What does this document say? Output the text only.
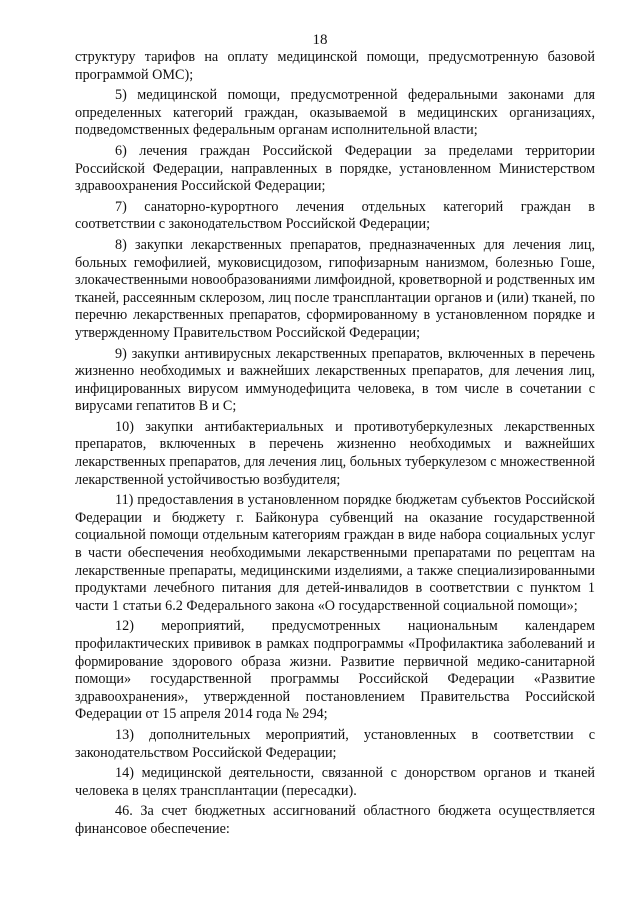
18

структуру тарифов на оплату медицинской помощи, предусмотренную базовой программой ОМС);

5) медицинской помощи, предусмотренной федеральными законами для определенных категорий граждан, оказываемой в медицинских организациях, подведомственных федеральным органам исполнительной власти;

6) лечения граждан Российской Федерации за пределами территории Российской Федерации, направленных в порядке, установленном Министерством здравоохранения Российской Федерации;

7) санаторно-курортного лечения отдельных категорий граждан в соответствии с законодательством Российской Федерации;

8) закупки лекарственных препаратов, предназначенных для лечения лиц, больных гемофилией, муковисцидозом, гипофизарным нанизмом, болезнью Гоше, злокачественными новообразованиями лимфоидной, кроветворной и родственных им тканей, рассеянным склерозом, лиц после трансплантации органов и (или) тканей, по перечню лекарственных препаратов, сформированному в установленном порядке и утвержденному Правительством Российской Федерации;

9) закупки антивирусных лекарственных препаратов, включенных в перечень жизненно необходимых и важнейших лекарственных препаратов, для лечения лиц, инфицированных вирусом иммунодефицита человека, в том числе в сочетании с вирусами гепатитов В и С;

10) закупки антибактериальных и противотуберкулезных лекарственных препаратов, включенных в перечень жизненно необходимых и важнейших лекарственных препаратов, для лечения лиц, больных туберкулезом с множественной лекарственной устойчивостью возбудителя;

11) предоставления в установленном порядке бюджетам субъектов Российской Федерации и бюджету г. Байконура субвенций на оказание государственной социальной помощи отдельным категориям граждан в виде набора социальных услуг в части обеспечения необходимыми лекарственными препаратами по рецептам на лекарственные препараты, медицинскими изделиями, а также специализированными продуктами лечебного питания для детей-инвалидов в соответствии с пунктом 1 части 1 статьи 6.2 Федерального закона «О государственной социальной помощи»;

12) мероприятий, предусмотренных национальным календарем профилактических прививок в рамках подпрограммы «Профилактика заболеваний и формирование здорового образа жизни. Развитие первичной медико-санитарной помощи» государственной программы Российской Федерации «Развитие здравоохранения», утвержденной постановлением Правительства Российской Федерации от 15 апреля 2014 года № 294;

13) дополнительных мероприятий, установленных в соответствии с законодательством Российской Федерации;

14) медицинской деятельности, связанной с донорством органов и тканей человека в целях трансплантации (пересадки).

46. За счет бюджетных ассигнований областного бюджета осуществляется финансовое обеспечение:
